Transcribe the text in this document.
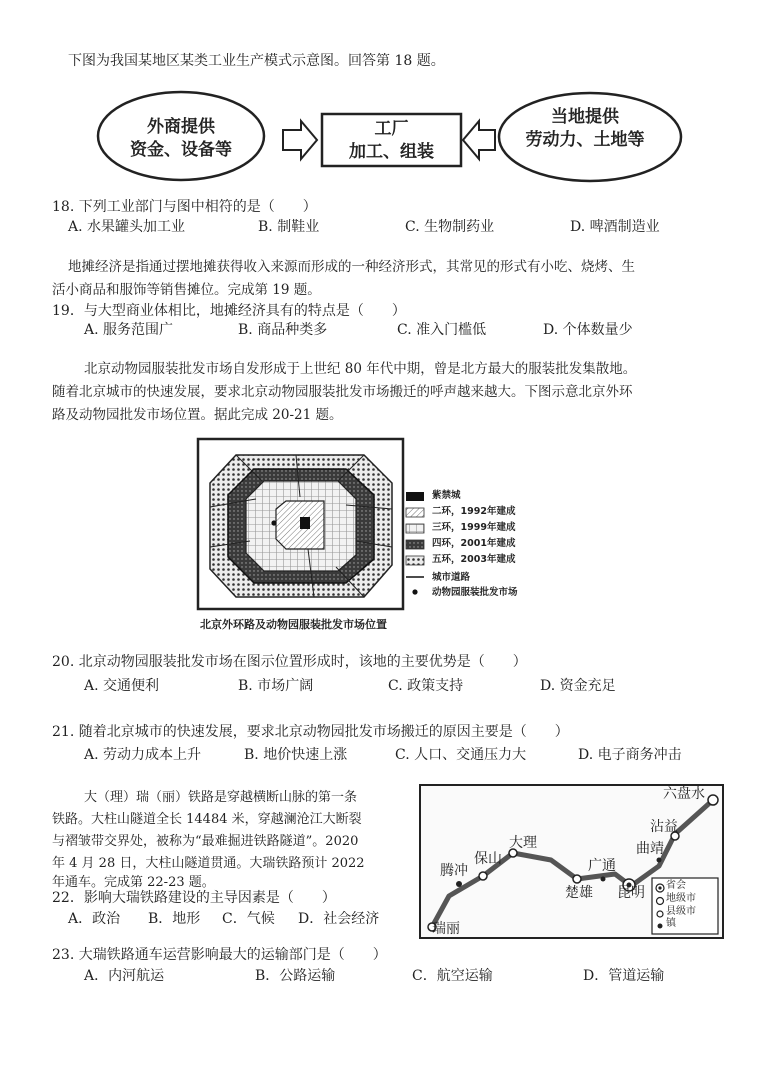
下图为我国某地区某类工业生产模式示意图。回答第 18 题。
外商提供
资金、设备等
工厂
加工、组装
当地提供
劳动力、土地等
18. 下列工业部门与图中相符的是（　　）
A. 水果罐头加工业	B. 制鞋业	C. 生物制药业	D. 啤酒制造业
地摊经济是指通过摆地摊获得收入来源而形成的一种经济形式，其常见的形式有小吃、烧烤、生
活小商品和服饰等销售摊位。完成第 19 题。
19．与大型商业体相比，地摊经济具有的特点是（　　）
A. 服务范围广	B. 商品种类多	C. 准入门槛低	D. 个体数量少
北京动物园服装批发市场自发形成于上世纪 80 年代中期，曾是北方最大的服装批发集散地。
随着北京城市的快速发展，要求北京动物园服装批发市场搬迁的呼声越来越大。下图示意北京外环
路及动物园批发市场位置。据此完成 20-21 题。
紫禁城
二环，1992年建成
三环，1999年建成
四环，2001年建成
五环，2003年建成
城市道路
动物园服装批发市场
北京外环路及动物园服装批发市场位置
20. 北京动物园服装批发市场在图示位置形成时，该地的主要优势是（　　）
A. 交通便利	B. 市场广阔	C. 政策支持	D. 资金充足
21. 随着北京城市的快速发展，要求北京动物园批发市场搬迁的原因主要是（　　）
A. 劳动力成本上升	B. 地价快速上涨	C. 人口、交通压力大	D. 电子商务冲击
大（理）瑞（丽）铁路是穿越横断山脉的第一条
铁路。大柱山隧道全长 14484 米，穿越澜沧江大断裂
与褶皱带交界处，被称为“最难掘进铁路隧道”。2020
年 4 月 28 日，大柱山隧道贯通。大瑞铁路预计 2022
年通车。完成第 22-23 题。
六盘水
沾益
曲靖
大理
保山
腾冲	广通
楚雄 昆明
瑞丽
省会
地级市
县级市
镇
22．影响大瑞铁路建设的主导因素是（　　）
A．政治 B．地形 C．气候 D．社会经济
23. 大瑞铁路通车运营影响最大的运输部门是（　　）
A．内河航运	B．公路运输	C．航空运输	D．管道运输
